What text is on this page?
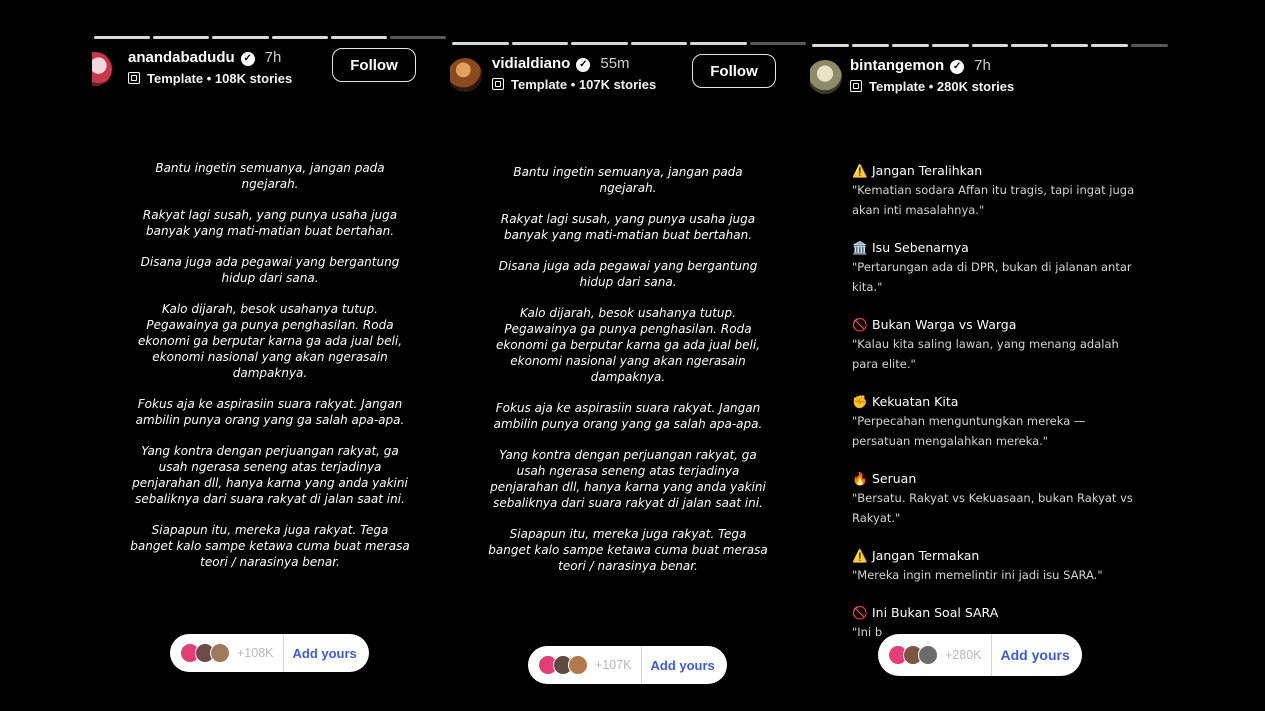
anandabadudu ✓ 7h
Template • 108K stories
Follow

Bantu ingetin semuanya, jangan pada ngejarah.

Rakyat lagi susah, yang punya usaha juga banyak yang mati-matian buat bertahan.

Disana juga ada pegawai yang bergantung hidup dari sana.

Kalo dijarah, besok usahanya tutup. Pegawainya ga punya penghasilan. Roda ekonomi ga berputar karna ga ada jual beli, ekonomi nasional yang akan ngerasain dampaknya.

Fokus aja ke aspirasiin suara rakyat. Jangan ambilin punya orang yang ga salah apa-apa.

Yang kontra dengan perjuangan rakyat, ga usah ngerasa seneng atas terjadinya penjarahan dll, hanya karna yang anda yakini sebaliknya dari suara rakyat di jalan saat ini.

Siapapun itu, mereka juga rakyat. Tega banget kalo sampe ketawa cuma buat merasa teori / narasinya benar.

+108K	Add yours
vidialdiano ✓ 55m
Template • 107K stories
Follow

Bantu ingetin semuanya, jangan pada ngejarah.

Rakyat lagi susah, yang punya usaha juga banyak yang mati-matian buat bertahan.

Disana juga ada pegawai yang bergantung hidup dari sana.

Kalo dijarah, besok usahanya tutup. Pegawainya ga punya penghasilan. Roda ekonomi ga berputar karna ga ada jual beli, ekonomi nasional yang akan ngerasain dampaknya.

Fokus aja ke aspirasiin suara rakyat. Jangan ambilin punya orang yang ga salah apa-apa.

Yang kontra dengan perjuangan rakyat, ga usah ngerasa seneng atas terjadinya penjarahan dll, hanya karna yang anda yakini sebaliknya dari suara rakyat di jalan saat ini.

Siapapun itu, mereka juga rakyat. Tega banget kalo sampe ketawa cuma buat merasa teori / narasinya benar.

+107K	Add yours
bintangemon ✓ 7h
Template • 280K stories
⚠️ Jangan Teralihkan
"Kematian sodara Affan itu tragis, tapi ingat juga akan inti masalahnya."
🏛️ Isu Sebenarnya
"Pertarungan ada di DPR, bukan di jalanan antar kita."
🚫 Bukan Warga vs Warga
"Kalau kita saling lawan, yang menang adalah para elite."
✊ Kekuatan Kita
"Perpecahan menguntungkan mereka — persatuan mengalahkan mereka."
🔥 Seruan
"Bersatu. Rakyat vs Kekuasaan, bukan Rakyat vs Rakyat."
⚠️ Jangan Termakan
"Mereka ingin memelintir ini jadi isu SARA."
🚫 Ini Bukan Soal SARA
"Ini b
+280K	Add yours
